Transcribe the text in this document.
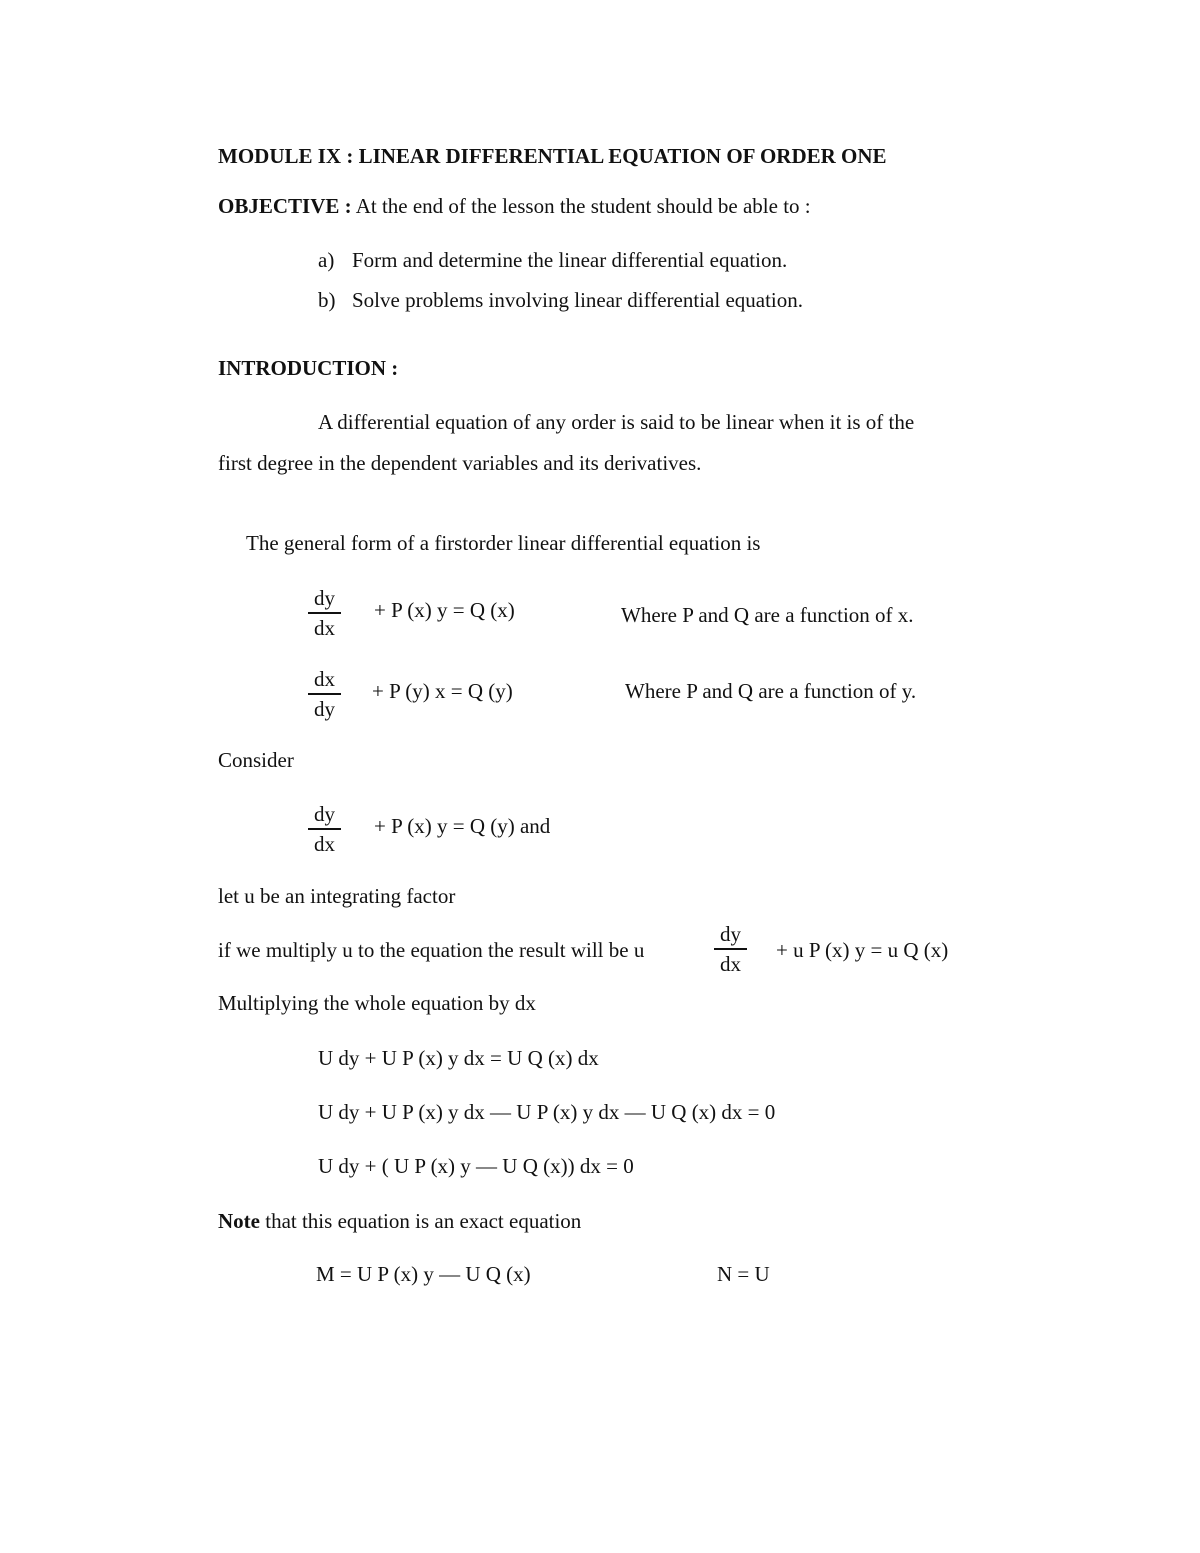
MODULE IX : LINEAR DIFFERENTIAL EQUATION OF ORDER ONE
OBJECTIVE : At the end of the lesson the student should be able to :
a) Form and determine the linear differential equation.
b) Solve problems involving linear differential equation.
INTRODUCTION :
A differential equation of any order is said to be linear when it is of the
first degree in the dependent variables and its derivatives.
The general form of a firstorder linear differential equation is
$\frac{dy}{dx} + P$ (x) y = Q (x)	Where P and Q are a function of x.
$\frac{dx}{dy} + P$ (y) x = Q (y)	Where P and Q are a function of y.
Consider
$\frac{dy}{dx} + P$ (x) y = Q (y) and
let u be an integrating factor
if we multiply u to the equation the result will be u	$\frac{dy}{dx} + u$ P (x) y = u Q (x)
Multiplying the whole equation by dx
U dy + U P (x) y dx = U Q (x) dx
U dy + U P (x) y dx — U P (x) y dx — U Q (x) dx = 0
U dy + ( U P (x) y — U Q (x)) dx = 0
Note that this equation is an exact equation
M = U P (x) y — U Q (x)	N = U
